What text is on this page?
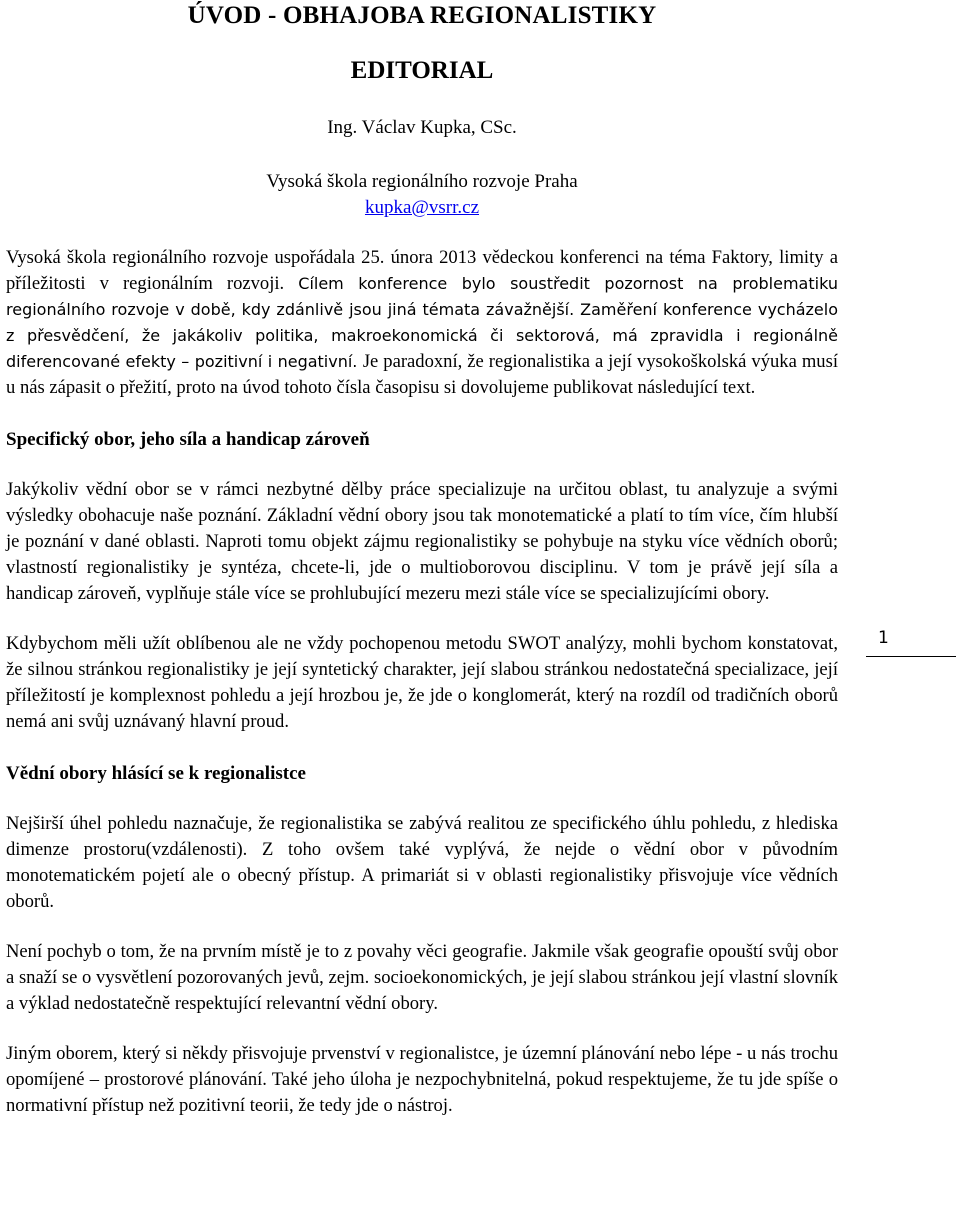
ÚVOD - OBHAJOBA REGIONALISTIKY
EDITORIAL
Ing. Václav Kupka, CSc.
Vysoká škola regionálního rozvoje Praha
kupka@vsrr.cz

Vysoká škola regionálního rozvoje uspořádala 25. února 2013 vědeckou konferenci na téma Faktory, limity a příležitosti v regionálním rozvoji. Cílem konference bylo soustředit pozornost na problematiku regionálního rozvoje v době, kdy zdánlivě jsou jiná témata závažnější. Zaměření konference vycházelo z přesvědčení, že jakákoliv politika, makroekonomická či sektorová, má zpravidla i regionálně diferencované efekty – pozitivní i negativní. Je paradoxní, že regionalistika a její vysokoškolská výuka musí u nás zápasit o přežití, proto na úvod tohoto čísla časopisu si dovolujeme publikovat následující text.

Specifický obor, jeho síla a handicap zároveň

Jakýkoliv vědní obor se v rámci nezbytné dělby práce specializuje na určitou oblast, tu analyzuje a svými výsledky obohacuje naše poznání. Základní vědní obory jsou tak monotematické a platí to tím více, čím hlubší je poznání v dané oblasti. Naproti tomu objekt zájmu regionalistiky se pohybuje na styku více vědních oborů; vlastností regionalistiky je syntéza, chcete-li, jde o multioborovou disciplinu. V tom je právě její síla a handicap zároveň, vyplňuje stále více se prohlubující mezeru mezi stále více se specializujícími obory.

Kdybychom měli užít oblíbenou ale ne vždy pochopenou metodu SWOT analýzy, mohli bychom konstatovat, že silnou stránkou regionalistiky je její syntetický charakter, její slabou stránkou nedostatečná specializace, její příležitostí je komplexnost pohledu a její hrozbou je, že jde o konglomerát, který na rozdíl od tradičních oborů nemá ani svůj uznávaný hlavní proud.

Vědní obory hlásící se k regionalistce

Nejširší úhel pohledu naznačuje, že regionalistika se zabývá realitou ze specifického úhlu pohledu, z hlediska dimenze prostoru(vzdálenosti). Z toho ovšem také vyplývá, že nejde o vědní obor v původním monotematickém pojetí ale o obecný přístup. A primariát si v oblasti regionalistiky přisvojuje více vědních oborů.

Není pochyb o tom, že na prvním místě je to z povahy věci geografie. Jakmile však geografie opouští svůj obor a snaží se o vysvětlení pozorovaných jevů, zejm. socioekonomických, je její slabou stránkou její vlastní slovník a výklad nedostatečně respektující relevantní vědní obory.

Jiným oborem, který si někdy přisvojuje prvenství v regionalistce, je územní plánování nebo lépe - u nás trochu opomíjené – prostorové plánování. Také jeho úloha je nezpochybnitelná, pokud respektujeme, že tu jde spíše o normativní přístup než pozitivní teorii, že tedy jde o nástroj.

1
